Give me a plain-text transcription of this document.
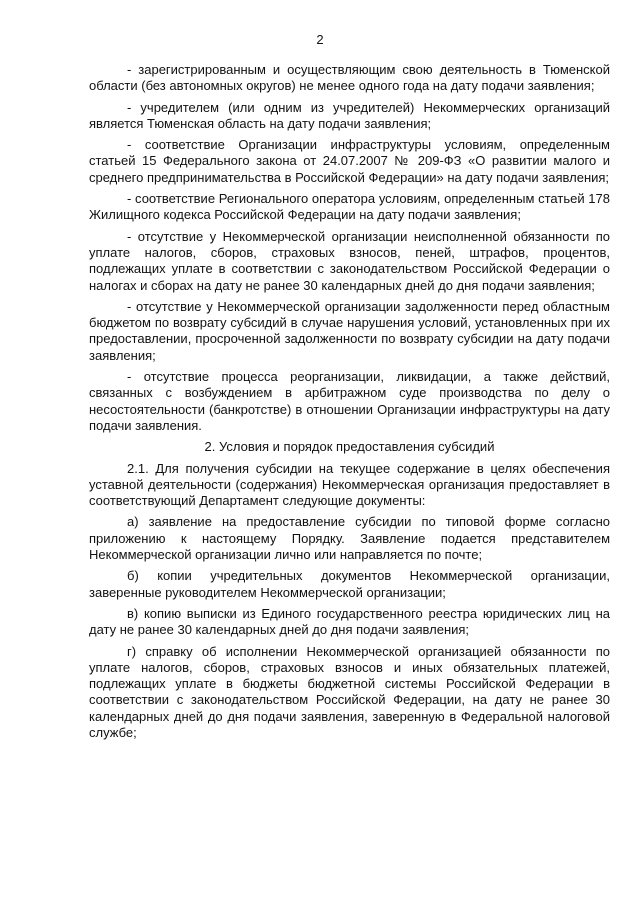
2

- зарегистрированным и осуществляющим свою деятельность в Тюменской области (без автономных округов) не менее одного года на дату подачи заявления;

- учредителем (или одним из учредителей) Некоммерческих организаций является Тюменская область на дату подачи заявления;

- соответствие Организации инфраструктуры условиям, определенным статьей 15 Федерального закона от 24.07.2007 № 209-ФЗ «О развитии малого и среднего предпринимательства в Российской Федерации» на дату подачи заявления;

- соответствие Регионального оператора условиям, определенным статьей 178 Жилищного кодекса Российской Федерации на дату подачи заявления;

- отсутствие у Некоммерческой организации неисполненной обязанности по уплате налогов, сборов, страховых взносов, пеней, штрафов, процентов, подлежащих уплате в соответствии с законодательством Российской Федерации о налогах и сборах на дату не ранее 30 календарных дней до дня подачи заявления;

- отсутствие у Некоммерческой организации задолженности перед областным бюджетом по возврату субсидий в случае нарушения условий, установленных при их предоставлении, просроченной задолженности по возврату субсидии на дату подачи заявления;

- отсутствие процесса реорганизации, ликвидации, а также действий, связанных с возбуждением в арбитражном суде производства по делу о несостоятельности (банкротстве) в отношении Организации инфраструктуры на дату подачи заявления.

2. Условия и порядок предоставления субсидий

2.1. Для получения субсидии на текущее содержание в целях обеспечения уставной деятельности (содержания) Некоммерческая организация предоставляет в соответствующий Департамент следующие документы:

а) заявление на предоставление субсидии по типовой форме согласно приложению к настоящему Порядку. Заявление подается представителем Некоммерческой организации лично или направляется по почте;

б) копии учредительных документов Некоммерческой организации, заверенные руководителем Некоммерческой организации;

в) копию выписки из Единого государственного реестра юридических лиц на дату не ранее 30 календарных дней до дня подачи заявления;

г) справку об исполнении Некоммерческой организацией обязанности по уплате налогов, сборов, страховых взносов и иных обязательных платежей, подлежащих уплате в бюджеты бюджетной системы Российской Федерации в соответствии с законодательством Российской Федерации, на дату не ранее 30 календарных дней до дня подачи заявления, заверенную в Федеральной налоговой службе;
